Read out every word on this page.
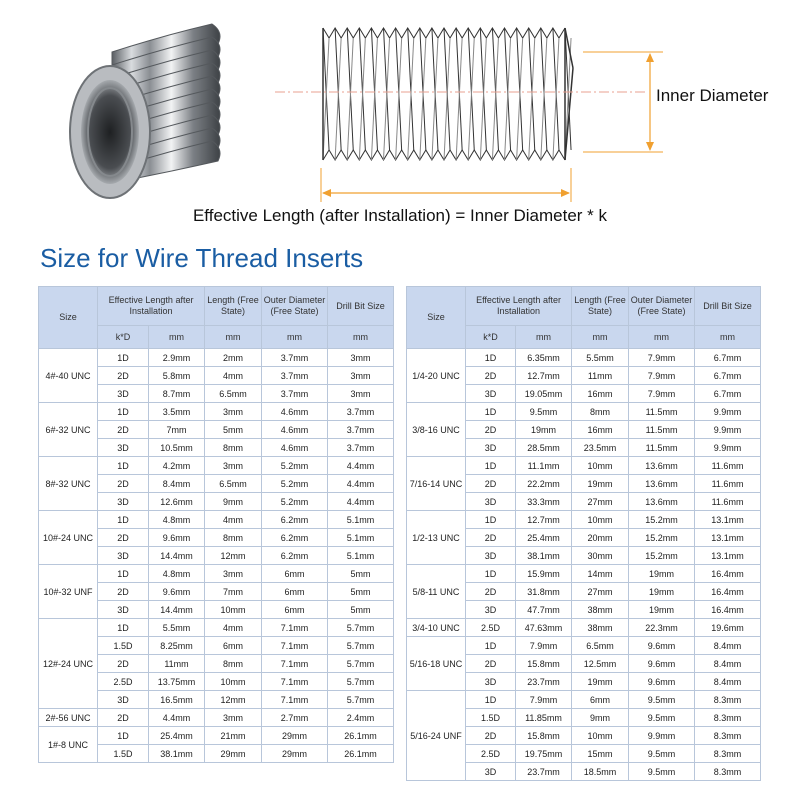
Inner Diameter
Effective Length (after Installation) = Inner Diameter * k
Size for Wire Thread Inserts
Size	Effective Length after Installation		Length (Free State)	Outer Diameter (Free State)	Drill Bit Size
	k*D	mm	mm	mm	mm
4#-40 UNC	1D	2.9mm	2mm	3.7mm	3mm
	2D	5.8mm	4mm	3.7mm	3mm
	3D	8.7mm	6.5mm	3.7mm	3mm
6#-32 UNC	1D	3.5mm	3mm	4.6mm	3.7mm
	2D	7mm	5mm	4.6mm	3.7mm
	3D	10.5mm	8mm	4.6mm	3.7mm
8#-32 UNC	1D	4.2mm	3mm	5.2mm	4.4mm
	2D	8.4mm	6.5mm	5.2mm	4.4mm
	3D	12.6mm	9mm	5.2mm	4.4mm
10#-24 UNC	1D	4.8mm	4mm	6.2mm	5.1mm
	2D	9.6mm	8mm	6.2mm	5.1mm
	3D	14.4mm	12mm	6.2mm	5.1mm
10#-32 UNF	1D	4.8mm	3mm	6mm	5mm
	2D	9.6mm	7mm	6mm	5mm
	3D	14.4mm	10mm	6mm	5mm
12#-24 UNC	1D	5.5mm	4mm	7.1mm	5.7mm
	1.5D	8.25mm	6mm	7.1mm	5.7mm
	2D	11mm	8mm	7.1mm	5.7mm
	2.5D	13.75mm	10mm	7.1mm	5.7mm
	3D	16.5mm	12mm	7.1mm	5.7mm
2#-56 UNC	2D	4.4mm	3mm	2.7mm	2.4mm
1#-8 UNC	1D	25.4mm	21mm	29mm	26.1mm
	1.5D	38.1mm	29mm	29mm	26.1mm
Size	Effective Length after Installation		Length (Free State)	Outer Diameter (Free State)	Drill Bit Size
	k*D	mm	mm	mm	mm
1/4-20 UNC	1D	6.35mm	5.5mm	7.9mm	6.7mm
	2D	12.7mm	11mm	7.9mm	6.7mm
	3D	19.05mm	16mm	7.9mm	6.7mm
3/8-16 UNC	1D	9.5mm	8mm	11.5mm	9.9mm
	2D	19mm	16mm	11.5mm	9.9mm
	3D	28.5mm	23.5mm	11.5mm	9.9mm
7/16-14 UNC	1D	11.1mm	10mm	13.6mm	11.6mm
	2D	22.2mm	19mm	13.6mm	11.6mm
	3D	33.3mm	27mm	13.6mm	11.6mm
1/2-13 UNC	1D	12.7mm	10mm	15.2mm	13.1mm
	2D	25.4mm	20mm	15.2mm	13.1mm
	3D	38.1mm	30mm	15.2mm	13.1mm
5/8-11 UNC	1D	15.9mm	14mm	19mm	16.4mm
	2D	31.8mm	27mm	19mm	16.4mm
	3D	47.7mm	38mm	19mm	16.4mm
3/4-10 UNC	2.5D	47.63mm	38mm	22.3mm	19.6mm
5/16-18 UNC	1D	7.9mm	6.5mm	9.6mm	8.4mm
	2D	15.8mm	12.5mm	9.6mm	8.4mm
	3D	23.7mm	19mm	9.6mm	8.4mm
5/16-24 UNF	1D	7.9mm	6mm	9.5mm	8.3mm
	1.5D	11.85mm	9mm	9.5mm	8.3mm
	2D	15.8mm	10mm	9.9mm	8.3mm
	2.5D	19.75mm	15mm	9.5mm	8.3mm
	3D	23.7mm	18.5mm	9.5mm	8.3mm
